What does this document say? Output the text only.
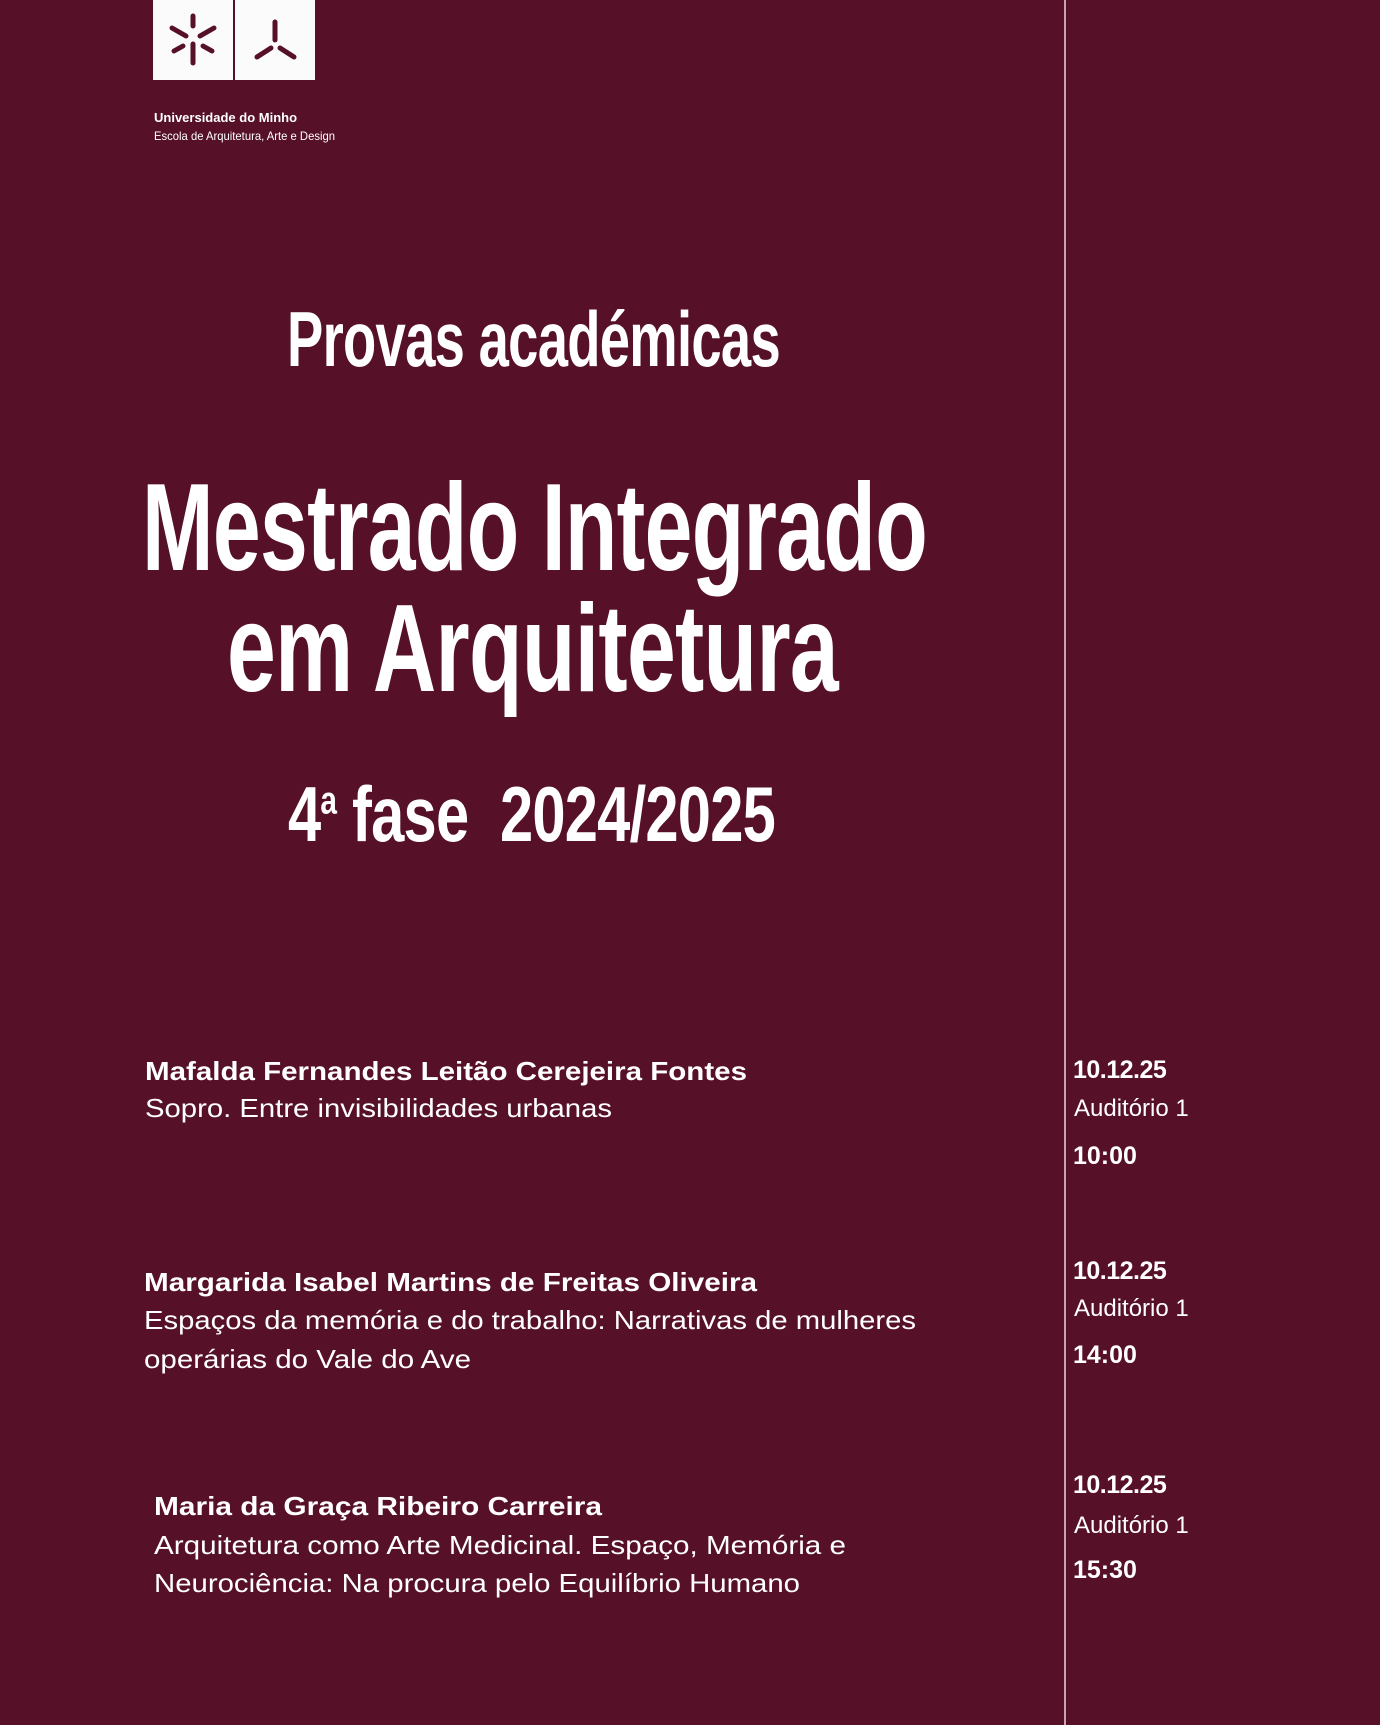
Universidade do Minho
Escola de Arquitetura, Arte e Design
Provas académicas
Mestrado Integrado
em Arquitetura
4$^a$ fase 2024/2025
Mafalda Fernandes Leitão Cerejeira Fontes
Sopro. Entre invisibilidades urbanas
10.12.25
Auditório 1
10:00
Margarida Isabel Martins de Freitas Oliveira
Espaços da memória e do trabalho: Narrativas de mulheres
operárias do Vale do Ave
10.12.25
Auditório 1
14:00
Maria da Graça Ribeiro Carreira
Arquitetura como Arte Medicinal. Espaço, Memória e
Neurociência: Na procura pelo Equilíbrio Humano
10.12.25
Auditório 1
15:30
